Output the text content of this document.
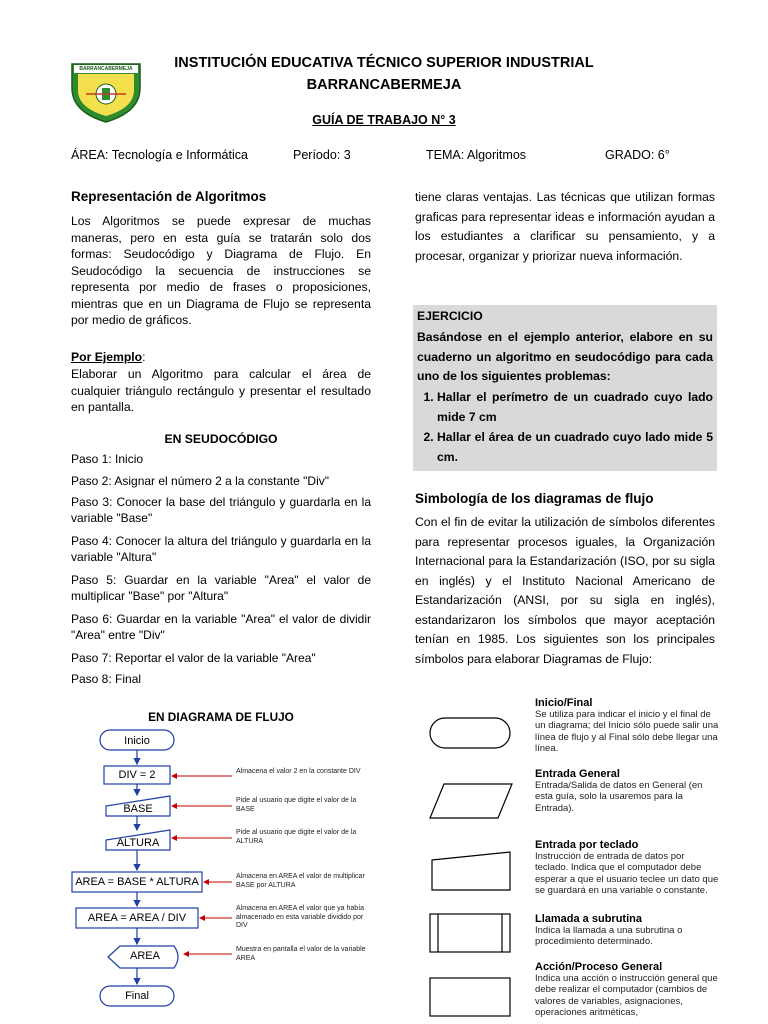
BARRANCABERMEJA	INSTITUCIÓN EDUCATIVA TÉCNICO SUPERIOR INDUSTRIAL
BARRANCABERMEJA
GUÍA DE TRABAJO N° 3
ÁREA: Tecnología e Informática	Período: 3	TEMA: Algoritmos	GRADO: 6°
Representación de Algoritmos
Los Algoritmos se puede expresar de muchas maneras, pero en esta guía se tratarán solo dos formas: Seudocódigo y Diagrama de Flujo. En Seudocódigo la secuencia de instrucciones se representa por medio de frases o proposiciones, mientras que en un Diagrama de Flujo se representa por medio de gráficos.
Por Ejemplo:
Elaborar un Algoritmo para calcular el área de cualquier triángulo rectángulo y presentar el resultado en pantalla.
EN SEUDOCÓDIGO
Paso 1: Inicio
Paso 2: Asignar el número 2 a la constante "Div"
Paso 3: Conocer la base del triángulo y guardarla en la variable "Base"
Paso 4: Conocer la altura del triángulo y guardarla en la variable "Altura"
Paso 5: Guardar en la variable "Area" el valor de multiplicar "Base" por "Altura"
Paso 6: Guardar en la variable "Area" el valor de dividir "Area" entre "Div"
Paso 7: Reportar el valor de la variable "Area"
Paso 8: Final
EN DIAGRAMA DE FLUJO
Inicio
DIV = 2
BASE
ALTURA
AREA = BASE * ALTURA
AREA = AREA / DIV
AREA
Final
Almacena el valor 2 en la constante DIV
Pide al usuario que digite el valor de la BASE
Pide al usuario que digite el valor de la ALTURA
Almacena en AREA el valor de multiplicar BASE por ALTURA
Almacena en AREA el valor que ya había almacenado en esta variable dividido por DIV
Muestra en pantalla el valor de la variable AREA
tiene claras ventajas. Las técnicas que utilizan formas graficas para representar ideas e información ayudan a los estudiantes a clarificar su pensamiento, y a procesar, organizar y priorizar nueva información.
EJERCICIO
Basándose en el ejemplo anterior, elabore en su cuaderno un algoritmo en seudocódigo para cada uno de los siguientes problemas:
1. Hallar el perímetro de un cuadrado cuyo lado mide 7 cm
2. Hallar el área de un cuadrado cuyo lado mide 5 cm.
Simbología de los diagramas de flujo
Con el fin de evitar la utilización de símbolos diferentes para representar procesos iguales, la Organización Internacional para la Estandarización (ISO, por su sigla en inglés) y el Instituto Nacional Americano de Estandarización (ANSI, por su sigla en inglés), estandarizaron los símbolos que mayor aceptación tenían en 1985. Los siguientes son los principales símbolos para elaborar Diagramas de Flujo:
Inicio/Final
Se utiliza para indicar el inicio y el final de un diagrama; del Inicio sólo puede salir una línea de flujo y al Final sólo debe llegar una línea.
Entrada General
Entrada/Salida de datos en General (en esta guía, solo la usaremos para la Entrada).
Entrada por teclado
Instrucción de entrada de datos por teclado. Indica que el computador debe esperar a que el usuario teclee un dato que se guardará en una variable o constante.
Llamada a subrutina
Indica la llamada a una subrutina o procedimiento determinado.
Acción/Proceso General
Indica una acción o instrucción general que debe realizar el computador (cambios de valores de variables, asignaciones, operaciones aritméticas,
